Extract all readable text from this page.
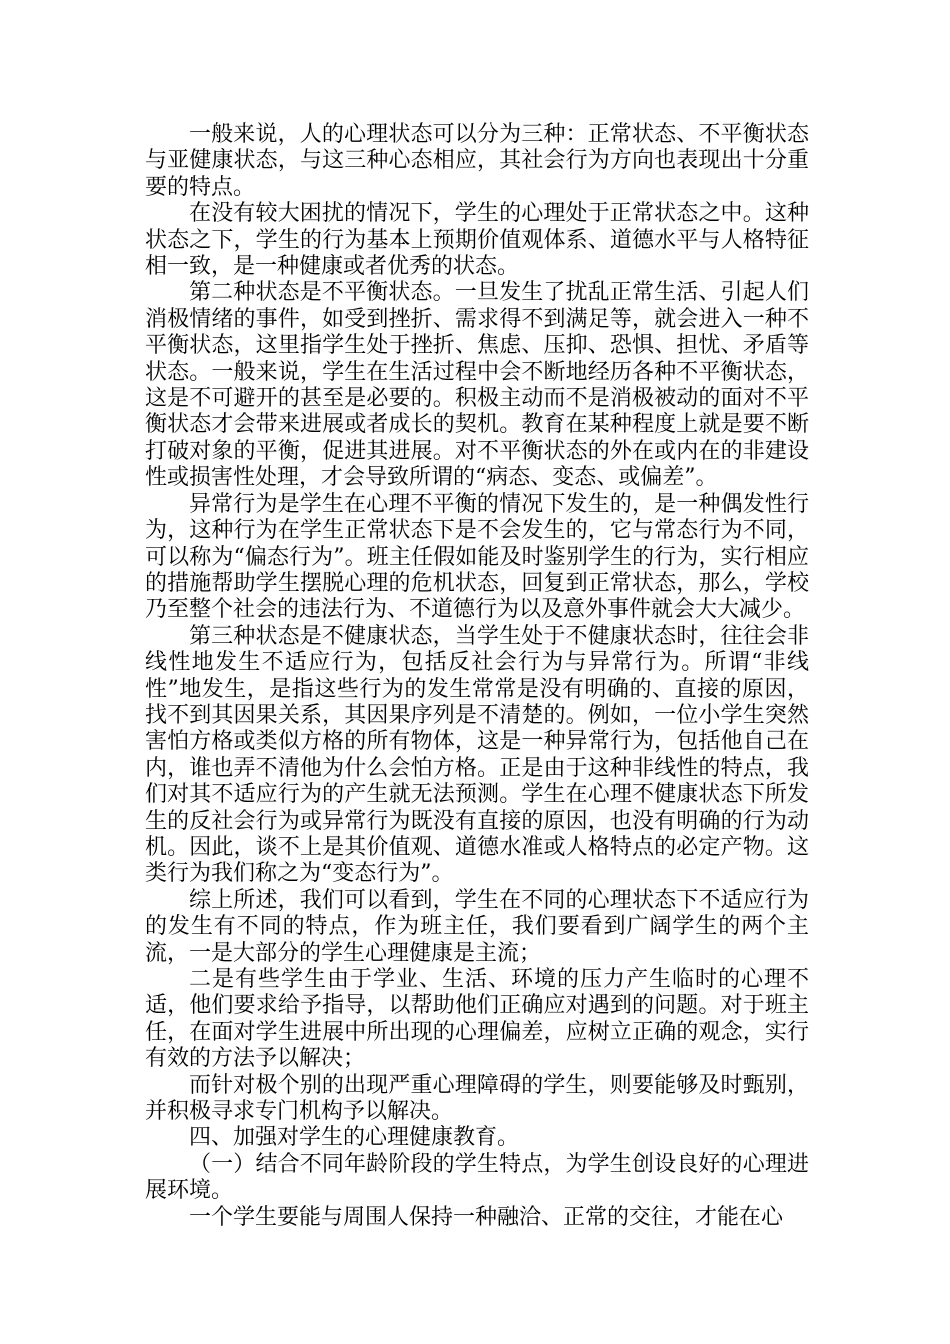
一般来说，人的心理状态可以分为三种：正常状态、不平衡状态与亚健康状态，与这三种心态相应，其社会行为方向也表现出十分重要的特点。

在没有较大困扰的情况下，学生的心理处于正常状态之中。这种状态之下，学生的行为基本上预期价值观体系、道德水平与人格特征相一致，是一种健康或者优秀的状态。

第二种状态是不平衡状态。一旦发生了扰乱正常生活、引起人们消极情绪的事件，如受到挫折、需求得不到满足等，就会进入一种不平衡状态，这里指学生处于挫折、焦虑、压抑、恐惧、担忧、矛盾等状态。一般来说，学生在生活过程中会不断地经历各种不平衡状态，这是不可避开的甚至是必要的。积极主动而不是消极被动的面对不平衡状态才会带来进展或者成长的契机。教育在某种程度上就是要不断打破对象的平衡，促进其进展。对不平衡状态的外在或内在的非建设性或损害性处理，才会导致所谓的“病态、变态、或偏差”。

异常行为是学生在心理不平衡的情况下发生的，是一种偶发性行为，这种行为在学生正常状态下是不会发生的，它与常态行为不同，可以称为“偏态行为”。班主任假如能及时鉴别学生的行为，实行相应的措施帮助学生摆脱心理的危机状态，回复到正常状态，那么，学校乃至整个社会的违法行为、不道德行为以及意外事件就会大大减少。

第三种状态是不健康状态，当学生处于不健康状态时，往往会非线性地发生不适应行为，包括反社会行为与异常行为。所谓“非线性”地发生，是指这些行为的发生常常是没有明确的、直接的原因，找不到其因果关系，其因果序列是不清楚的。例如，一位小学生突然害怕方格或类似方格的所有物体，这是一种异常行为，包括他自己在内，谁也弄不清他为什么会怕方格。正是由于这种非线性的特点，我们对其不适应行为的产生就无法预测。学生在心理不健康状态下所发生的反社会行为或异常行为既没有直接的原因，也没有明确的行为动机。因此，谈不上是其价值观、道德水准或人格特点的必定产物。这类行为我们称之为“变态行为”。

综上所述，我们可以看到，学生在不同的心理状态下不适应行为的发生有不同的特点，作为班主任，我们要看到广阔学生的两个主流，一是大部分的学生心理健康是主流；

二是有些学生由于学业、生活、环境的压力产生临时的心理不适，他们要求给予指导，以帮助他们正确应对遇到的问题。对于班主任，在面对学生进展中所出现的心理偏差，应树立正确的观念，实行有效的方法予以解决；

而针对极个别的出现严重心理障碍的学生，则要能够及时甄别，并积极寻求专门机构予以解决。

四、加强对学生的心理健康教育。

（一）结合不同年龄阶段的学生特点，为学生创设良好的心理进展环境。

一个学生要能与周围人保持一种融洽、正常的交往，才能在心
